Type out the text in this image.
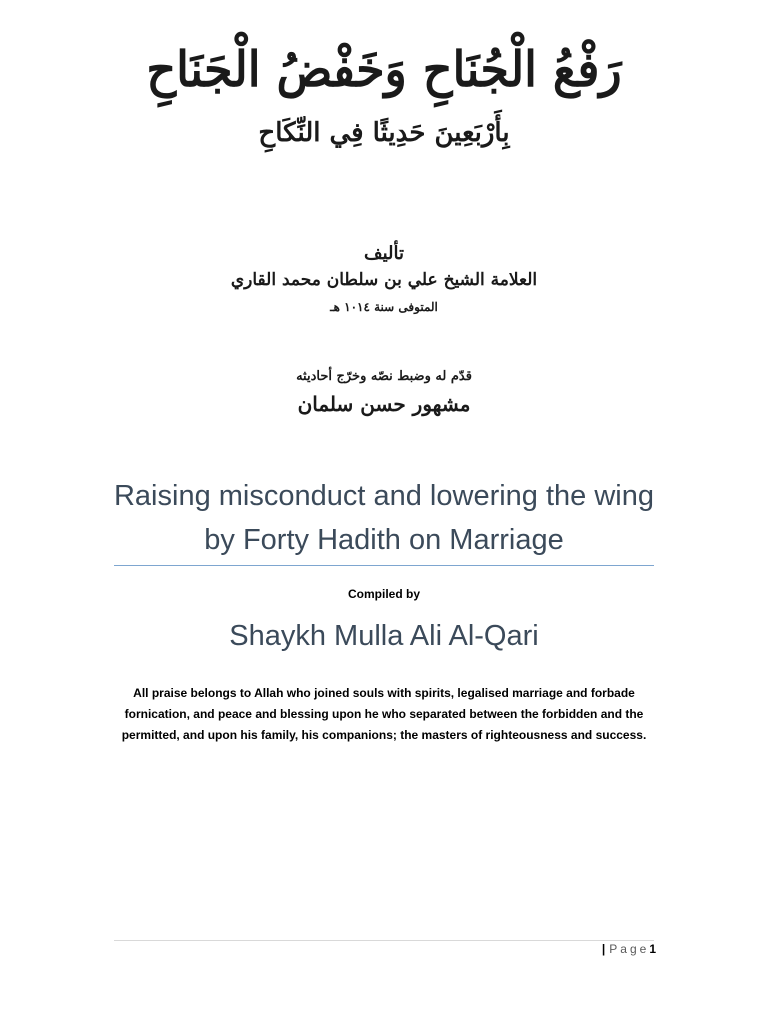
رَفْعُ الْجُنَاحِ وَخَفْضُ الْجَنَاحِ
بِأَرْبَعِينَ حَدِيثًا فِي النِّكَاحِ
تأليف
العلامة الشيخ علي بن سلطان محمد القاري
المتوفى سنة ١٠١٤ هـ
قدّم له وضبط نصّه وخرّج أحاديثه
مشهور حسن سلمان
Raising misconduct and lowering the wing by Forty Hadith on Marriage
Compiled by
Shaykh Mulla Ali Al-Qari
All praise belongs to Allah who joined souls with spirits, legalised marriage and forbade fornication, and peace and blessing upon he who separated between the forbidden and the permitted, and upon his family, his companions; the masters of righteousness and success.
| Page1
